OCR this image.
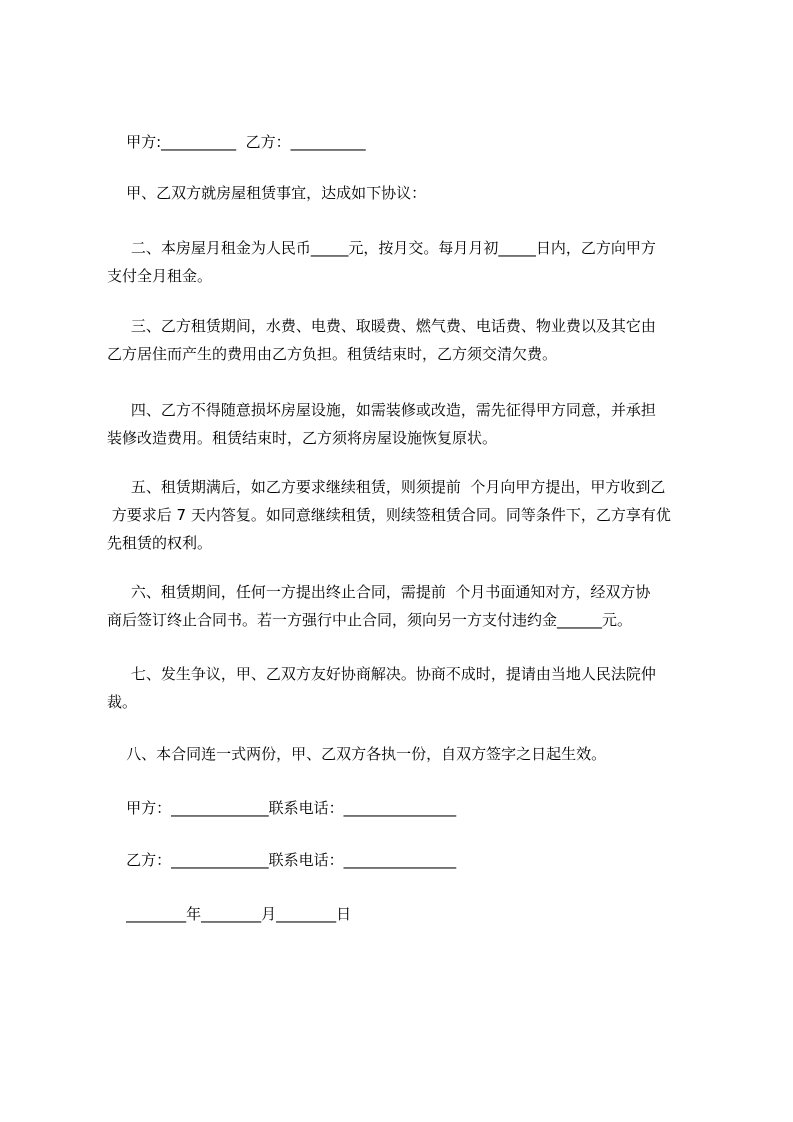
甲方:__________  乙方：__________

甲、乙双方就房屋租赁事宜，达成如下协议：

二、本房屋月租金为人民币_____元，按月交。每月月初_____日内，乙方向甲方
支付全月租金。
三、乙方租赁期间，水费、电费、取暖费、燃气费、电话费、物业费以及其它由
乙方居住而产生的费用由乙方负担。租赁结束时，乙方须交清欠费。
四、乙方不得随意损坏房屋设施，如需装修或改造，需先征得甲方同意，并承担
装修改造费用。租赁结束时，乙方须将房屋设施恢复原状。
五、租赁期满后，如乙方要求继续租赁，则须提前  个月向甲方提出，甲方收到乙
方要求后 7 天内答复。如同意继续租赁，则续签租赁合同。同等条件下，乙方享有优
先租赁的权利。
六、租赁期间，任何一方提出终止合同，需提前  个月书面通知对方，经双方协
商后签订终止合同书。若一方强行中止合同，须向另一方支付违约金______元。
七、发生争议，甲、乙双方友好协商解决。协商不成时，提请由当地人民法院仲
裁。
八、本合同连一式两份，甲、乙双方各执一份，自双方签字之日起生效。

甲方：_____________联系电话：_______________

乙方：_____________联系电话：_______________

________年________月________日
